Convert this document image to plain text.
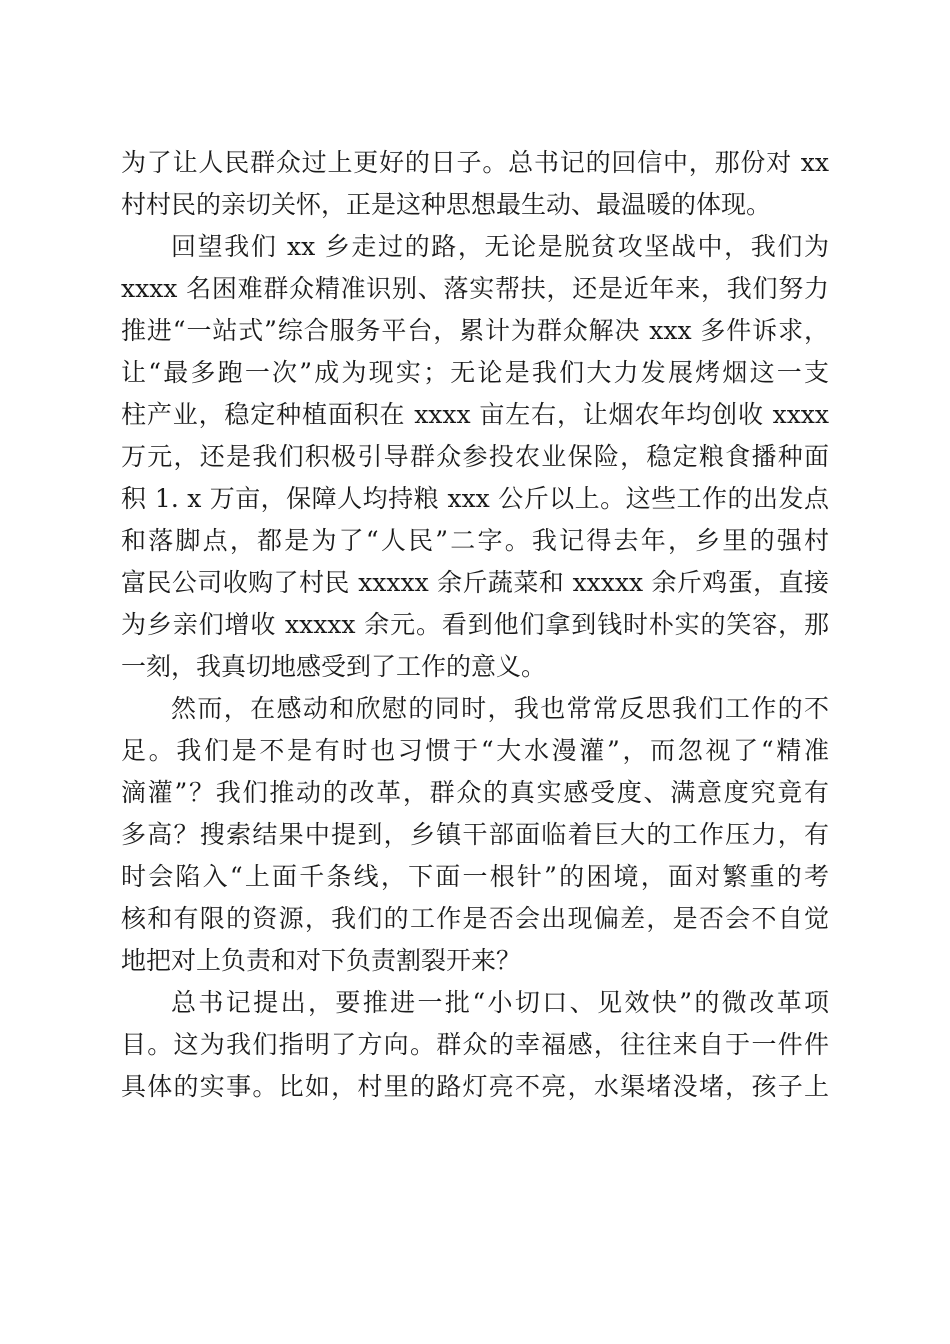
为了让人民群众过上更好的日子。总书记的回信中，那份对 xx
村村民的亲切关怀，正是这种思想最生动、最温暖的体现。
回望我们 xx 乡走过的路，无论是脱贫攻坚战中，我们为
xxxx 名困难群众精准识别、落实帮扶，还是近年来，我们努力
推进“一站式”综合服务平台，累计为群众解决 xxx 多件诉求，
让“最多跑一次”成为现实；无论是我们大力发展烤烟这一支
柱产业，稳定种植面积在 xxxx 亩左右，让烟农年均创收 xxxx
万元，还是我们积极引导群众参投农业保险，稳定粮食播种面
积 1. x 万亩，保障人均持粮 xxx 公斤以上。这些工作的出发点
和落脚点，都是为了“人民”二字。我记得去年，乡里的强村
富民公司收购了村民 xxxxx 余斤蔬菜和 xxxxx 余斤鸡蛋，直接
为乡亲们增收 xxxxx 余元。看到他们拿到钱时朴实的笑容，那
一刻，我真切地感受到了工作的意义。
然而，在感动和欣慰的同时，我也常常反思我们工作的不
足。我们是不是有时也习惯于“大水漫灌”，而忽视了“精准
滴灌”？我们推动的改革，群众的真实感受度、满意度究竟有
多高？搜索结果中提到，乡镇干部面临着巨大的工作压力，有
时会陷入“上面千条线，下面一根针”的困境，面对繁重的考
核和有限的资源，我们的工作是否会出现偏差，是否会不自觉
地把对上负责和对下负责割裂开来？
总书记提出，要推进一批“小切口、见效快”的微改革项
目。这为我们指明了方向。群众的幸福感，往往来自于一件件
具体的实事。比如，村里的路灯亮不亮，水渠堵没堵，孩子上
